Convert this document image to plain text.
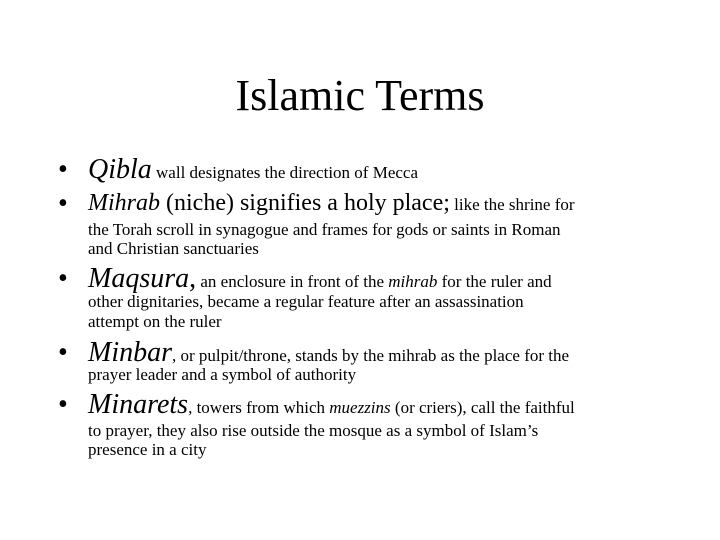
Islamic Terms
• Qibla wall designates the direction of Mecca
• Mihrab (niche) signifies a holy place; like the shrine for
the Torah scroll in synagogue and frames for gods or saints in Roman
and Christian sanctuaries
• Maqsura, an enclosure in front of the mihrab for the ruler and
other dignitaries, became a regular feature after an assassination
attempt on the ruler
• Minbar, or pulpit/throne, stands by the mihrab as the place for the
prayer leader and a symbol of authority
• Minarets, towers from which muezzins (or criers), call the faithful
to prayer, they also rise outside the mosque as a symbol of Islam’s
presence in a city
